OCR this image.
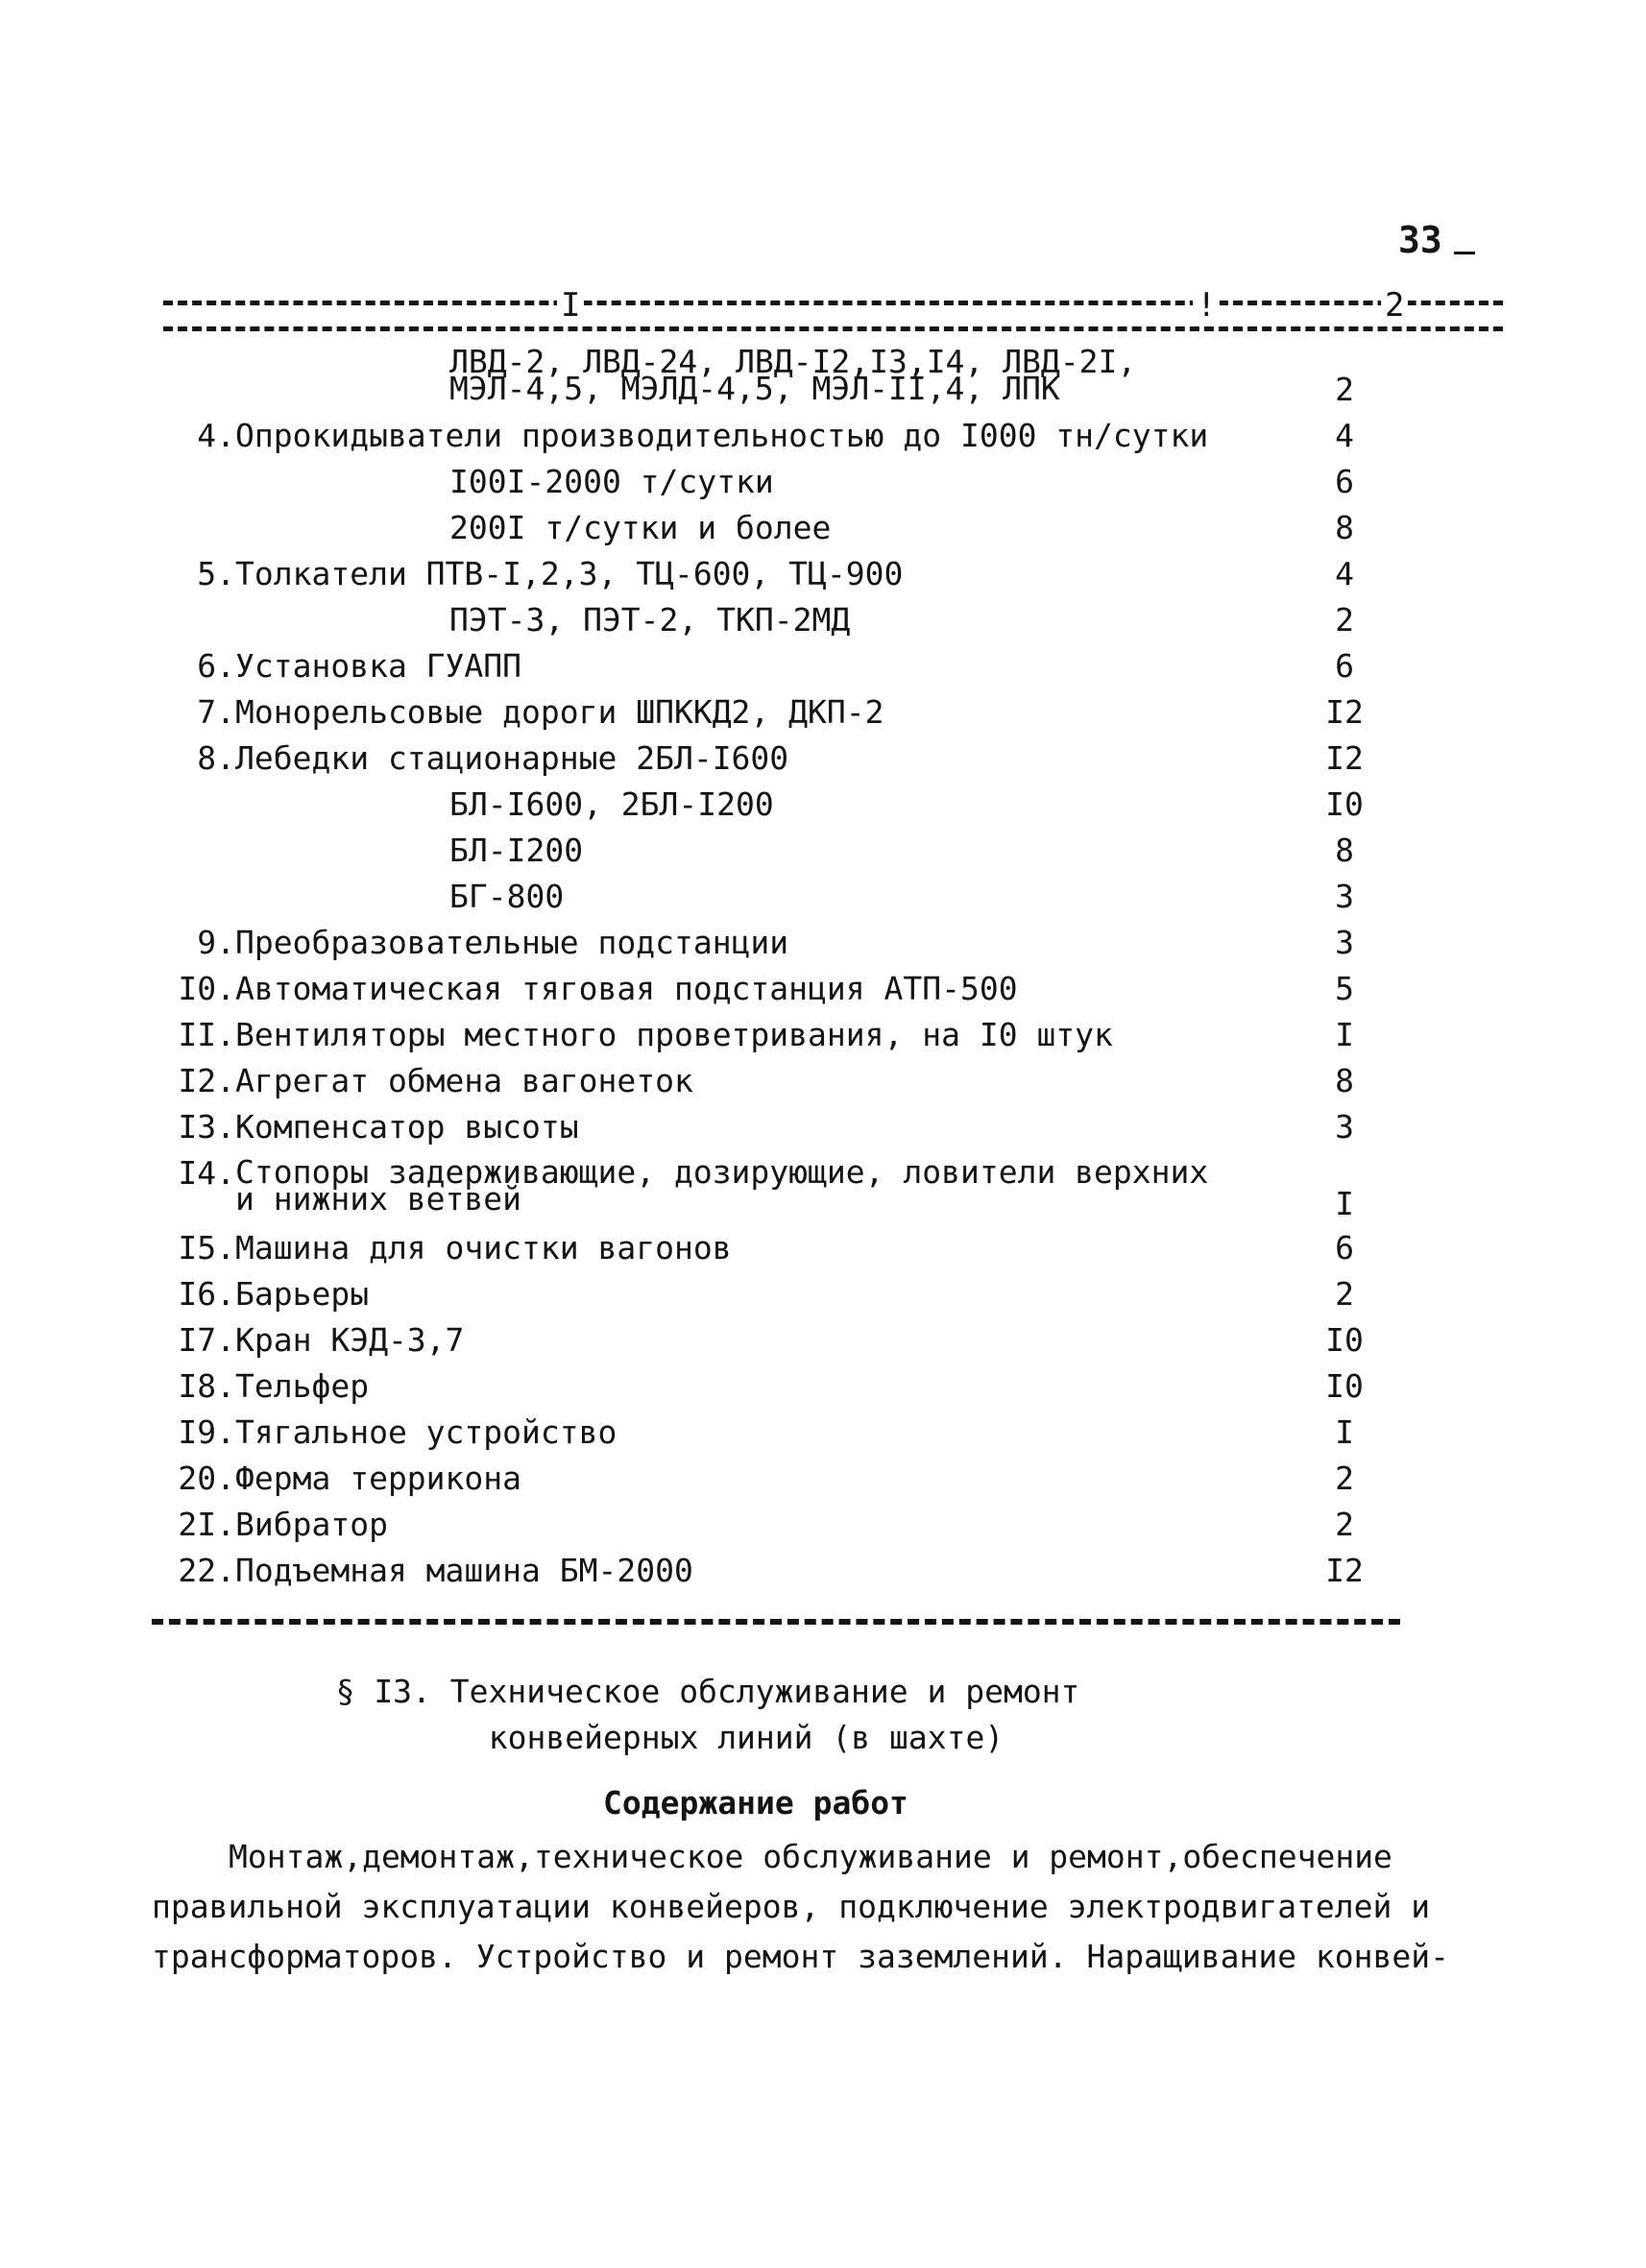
33
I	!	2
ЛВД-2, ЛВД-24, ЛВД-I2,I3,I4, ЛВД-2I,
МЭЛ-4,5, МЭЛД-4,5, МЭЛ-II,4, ЛПК	2
4. Опрокидыватели производительностью до I000 тн/сутки	4
I00I-2000 т/сутки	6
200I т/сутки и более	8
5. Толкатели ПТВ-I,2,3, ТЦ-600, ТЦ-900	4
ПЭТ-3, ПЭТ-2, ТКП-2МД	2
6. Установка ГУАПП	6
7. Монорельсовые дороги ШПККД2, ДКП-2	I2
8. Лебедки стационарные 2БЛ-I600	I2
БЛ-I600, 2БЛ-I200	I0
БЛ-I200	8
БГ-800	3
9. Преобразовательные подстанции	3
I0. Автоматическая тяговая подстанция АТП-500	5
II. Вентиляторы местного проветривания, на I0 штук	I
I2. Агрегат обмена вагонеток	8
I3. Компенсатор высоты	3
I4. Стопоры задерживающие, дозирующие, ловители верхних
и нижних ветвей	I
I5. Машина для очистки вагонов	6
I6. Барьеры	2
I7. Кран КЭД-3,7	I0
I8. Тельфер	I0
I9. Тягальное устройство	I
20. Ферма террикона	2
2I. Вибратор	2
22. Подъемная машина БМ-2000	I2
§ I3. Техническое обслуживание и ремонт
конвейерных линий (в шахте)
Содержание работ
Монтаж,демонтаж,техническое обслуживание и ремонт,обеспечение
правильной эксплуатации конвейеров, подключение электродвигателей и
трансформаторов. Устройство и ремонт заземлений. Наращивание конвей-
